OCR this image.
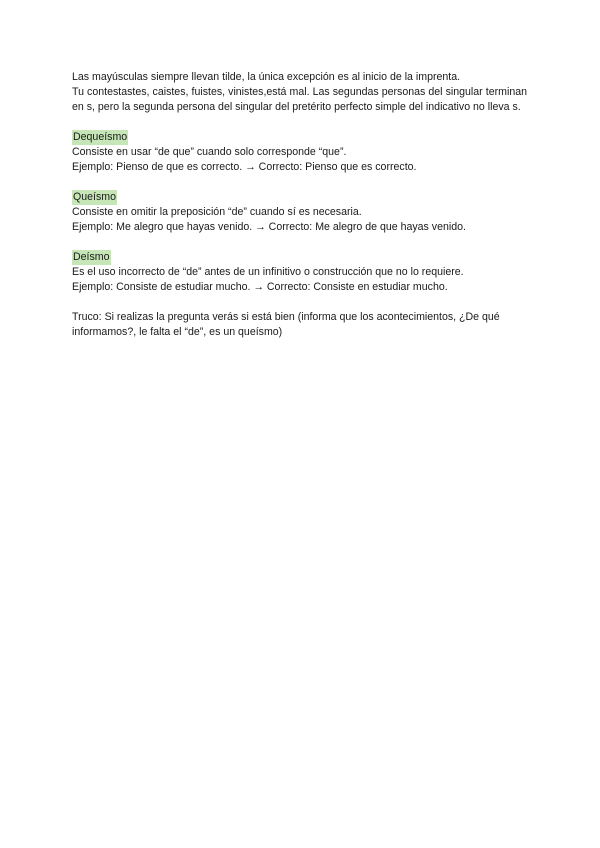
Las mayúsculas siempre llevan tilde, la única excepción es al inicio de la imprenta.

Tu contestastes, caistes, fuistes, vinistes,está mal. Las segundas personas del singular terminan en s, pero la segunda persona del singular del pretérito perfecto simple del indicativo no lleva s.

Dequeísmo

Consiste en usar “de que” cuando solo corresponde “que”.

Ejemplo: Pienso de que es correcto. → Correcto: Pienso que es correcto.

Queísmo

Consiste en omitir la preposición “de” cuando sí es necesaria.

Ejemplo: Me alegro que hayas venido. → Correcto: Me alegro de que hayas venido.

Deísmo

Es el uso incorrecto de “de” antes de un infinitivo o construcción que no lo requiere.

Ejemplo: Consiste de estudiar mucho. → Correcto: Consiste en estudiar mucho.

Truco: Si realizas la pregunta verás si está bien (informa que los acontecimientos, ¿De qué informamos?, le falta el “de”, es un queísmo)
